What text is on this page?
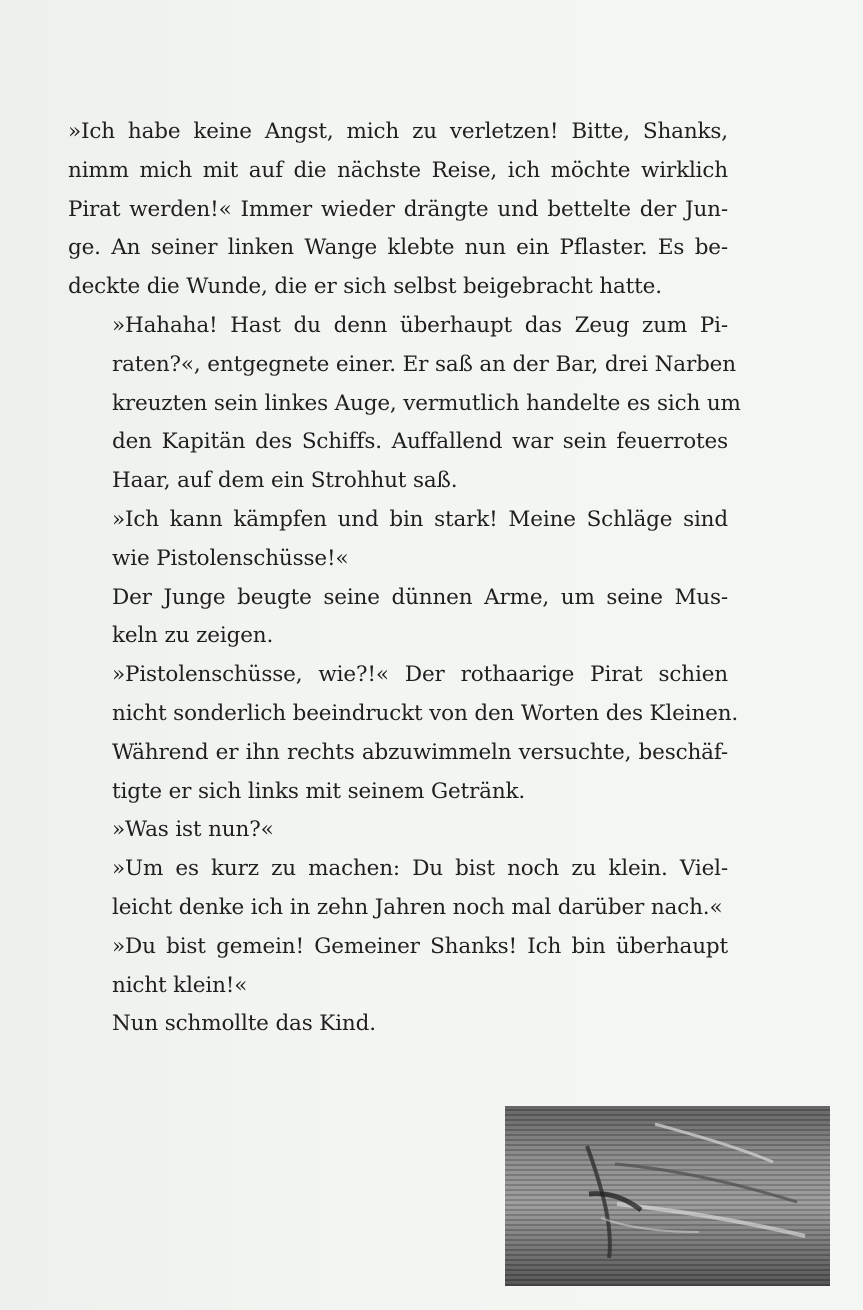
»Ich habe keine Angst, mich zu verletzen! Bitte, Shanks,
nimm mich mit auf die nächste Reise, ich möchte wirklich
Pirat werden!« Immer wieder drängte und bettelte der Jun-
ge. An seiner linken Wange klebte nun ein Pflaster. Es be-
deckte die Wunde, die er sich selbst beigebracht hatte.

»Hahaha! Hast du denn überhaupt das Zeug zum Pi-
raten?«, entgegnete einer. Er saß an der Bar, drei Narben
kreuzten sein linkes Auge, vermutlich handelte es sich um
den Kapitän des Schiffs. Auffallend war sein feuerrotes
Haar, auf dem ein Strohhut saß.

»Ich kann kämpfen und bin stark! Meine Schläge sind
wie Pistolenschüsse!«

Der Junge beugte seine dünnen Arme, um seine Mus-
keln zu zeigen.

»Pistolenschüsse, wie?!« Der rothaarige Pirat schien
nicht sonderlich beeindruckt von den Worten des Kleinen.
Während er ihn rechts abzuwimmeln versuchte, beschäf-
tigte er sich links mit seinem Getränk.

»Was ist nun?«

»Um es kurz zu machen: Du bist noch zu klein. Viel-
leicht denke ich in zehn Jahren noch mal darüber nach.«

»Du bist gemein! Gemeiner Shanks! Ich bin überhaupt
nicht klein!«

Nun schmollte das Kind.
